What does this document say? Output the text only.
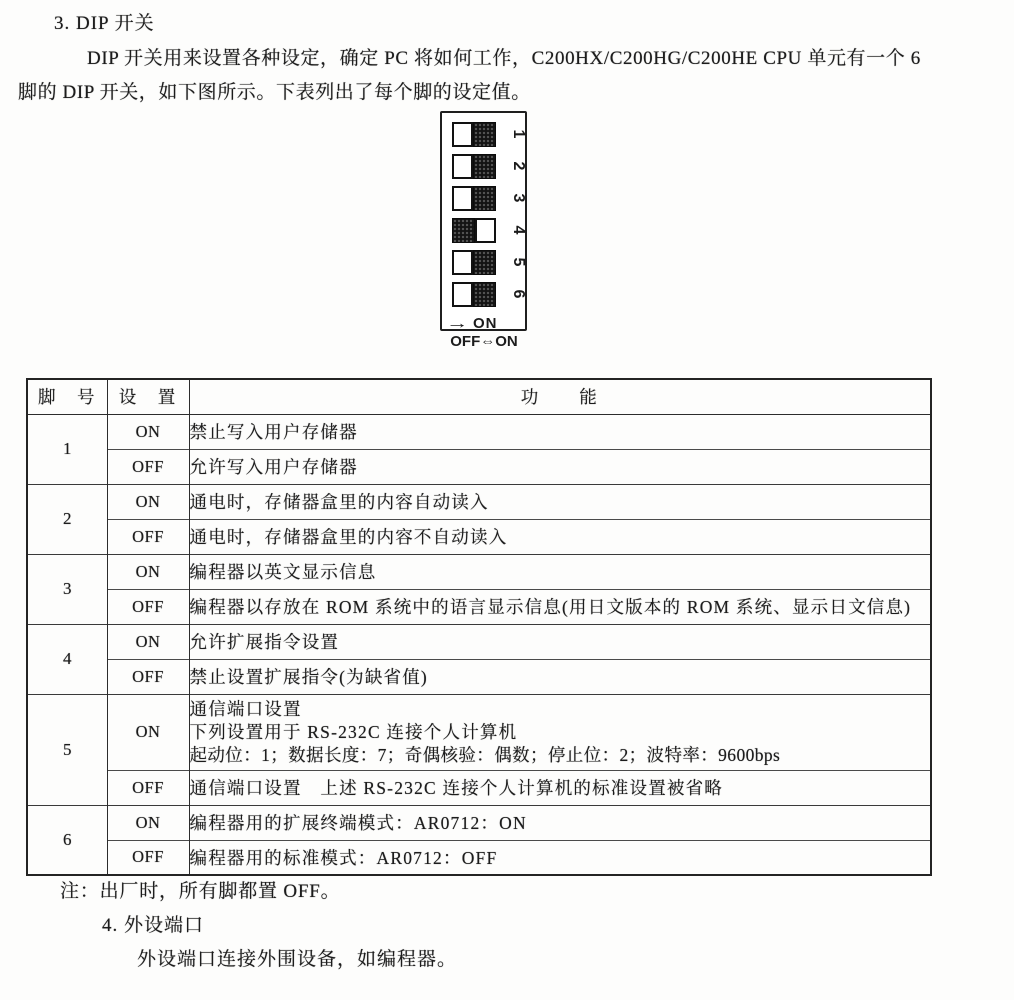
3. DIP 开关
DIP 开关用来设置各种设定，确定 PC 将如何工作，C200HX/C200HG/C200HE CPU 单元有一个 6
脚的 DIP 开关，如下图所示。下表列出了每个脚的设定值。
1
2
3
4
5
6
→ ON
OFF⇔ON
脚　号	设　置	功　　能
1	ON	禁止写入用户存储器
	OFF	允许写入用户存储器
2	ON	通电时，存储器盒里的内容自动读入
	OFF	通电时，存储器盒里的内容不自动读入
3	ON	编程器以英文显示信息
	OFF	编程器以存放在 ROM 系统中的语言显示信息(用日文版本的 ROM 系统、显示日文信息)
4	ON	允许扩展指令设置
	OFF	禁止设置扩展指令(为缺省值)
5	ON	通信端口设置
下列设置用于 RS-232C 连接个人计算机
起动位：1；数据长度：7；奇偶核验：偶数；停止位：2；波特率：9600bps

	OFF	通信端口设置　上述 RS-232C 连接个人计算机的标准设置被省略
6	ON	编程器用的扩展终端模式：AR0712：ON
	OFF	编程器用的标准模式：AR0712：OFF
注：出厂时，所有脚都置 OFF。
4. 外设端口
外设端口连接外围设备，如编程器。
